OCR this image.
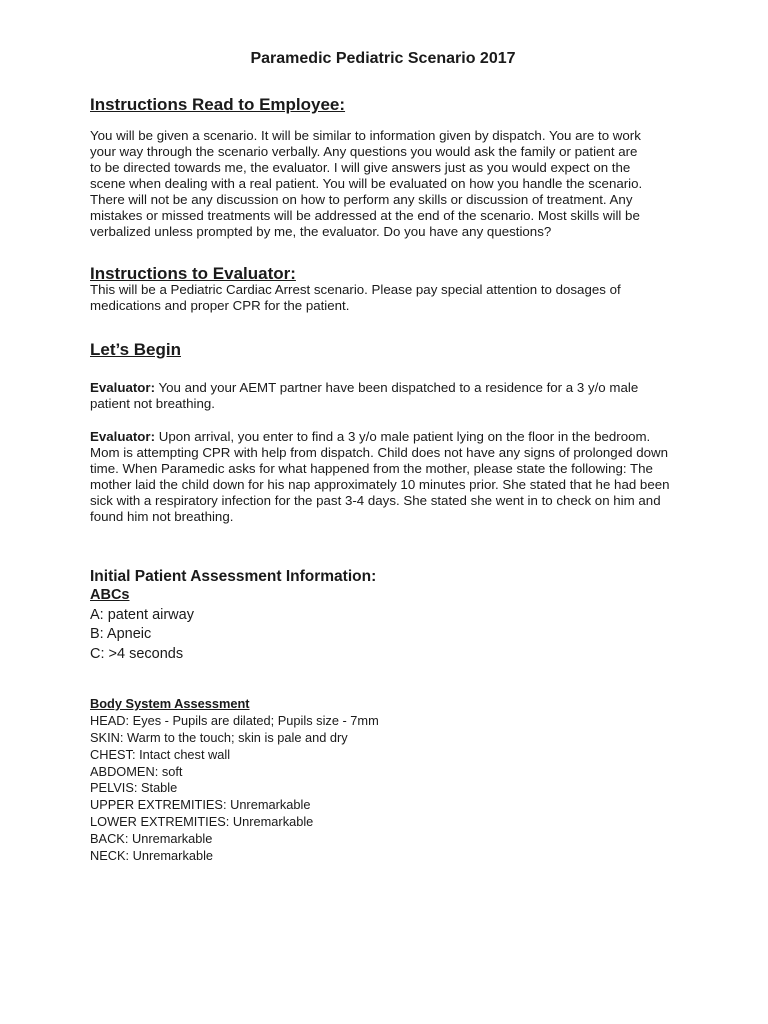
Paramedic Pediatric Scenario 2017
Instructions Read to Employee:
You will be given a scenario. It will be similar to information given by dispatch. You are to work
your way through the scenario verbally. Any questions you would ask the family or patient are
to be directed towards me, the evaluator. I will give answers just as you would expect on the
scene when dealing with a real patient. You will be evaluated on how you handle the scenario.
There will not be any discussion on how to perform any skills or discussion of treatment. Any
mistakes or missed treatments will be addressed at the end of the scenario. Most skills will be
verbalized unless prompted by me, the evaluator. Do you have any questions?
Instructions to Evaluator:
This will be a Pediatric Cardiac Arrest scenario. Please pay special attention to dosages of
medications and proper CPR for the patient.
Let’s Begin
Evaluator: You and your AEMT partner have been dispatched to a residence for a 3 y/o male
patient not breathing.
Evaluator: Upon arrival, you enter to find a 3 y/o male patient lying on the floor in the bedroom.
Mom is attempting CPR with help from dispatch. Child does not have any signs of prolonged down
time. When Paramedic asks for what happened from the mother, please state the following: The
mother laid the child down for his nap approximately 10 minutes prior. She stated that he had been
sick with a respiratory infection for the past 3-4 days. She stated she went in to check on him and
found him not breathing.
Initial Patient Assessment Information:
ABCs
A: patent airway
B: Apneic
C: >4 seconds
Body System Assessment
HEAD: Eyes - Pupils are dilated; Pupils size - 7mm
SKIN: Warm to the touch; skin is pale and dry
CHEST: Intact chest wall
ABDOMEN: soft
PELVIS: Stable
UPPER EXTREMITIES: Unremarkable
LOWER EXTREMITIES: Unremarkable
BACK: Unremarkable
NECK: Unremarkable
